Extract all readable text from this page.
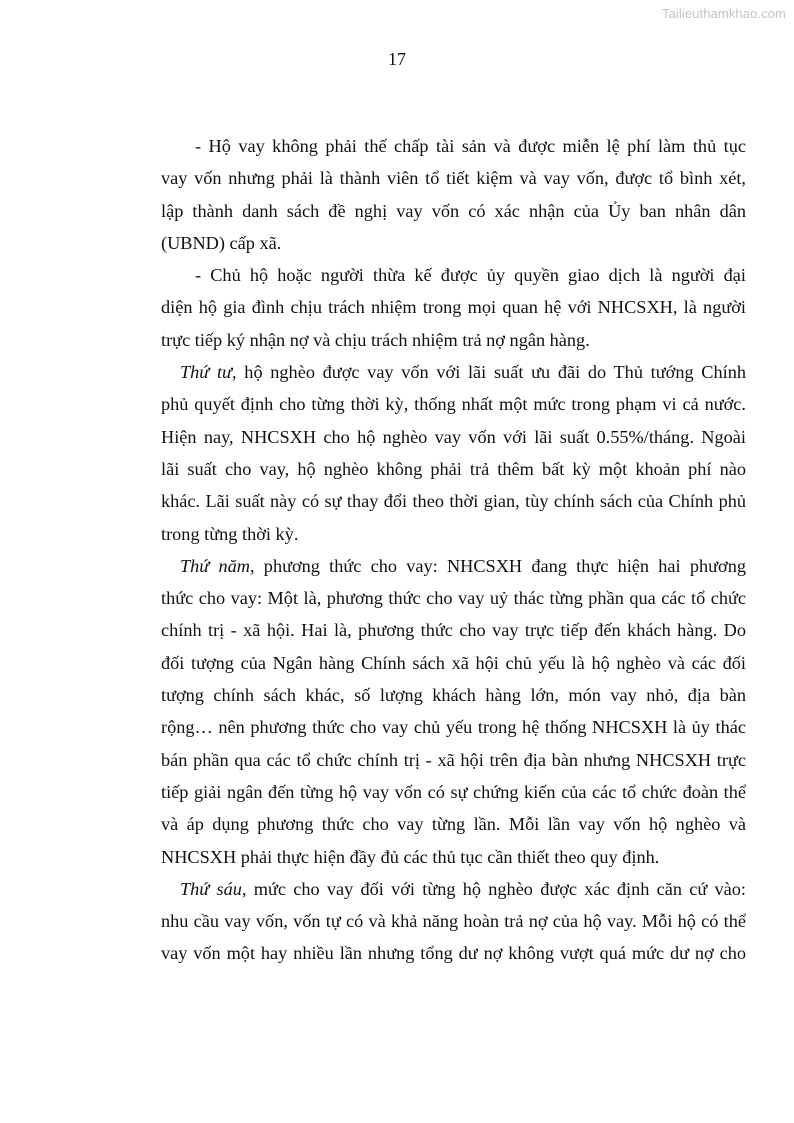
Tailieuthamkhao.com
17
- Hộ vay không phải thế chấp tài sản và được miễn lệ phí làm thủ tục
vay vốn nhưng phải là thành viên tổ tiết kiệm và vay vốn, được tổ bình xét,
lập thành danh sách đề nghị vay vốn có xác nhận của Ủy ban nhân dân
(UBND) cấp xã.
- Chủ hộ hoặc người thừa kế được ủy quyền giao dịch là người đại
diện hộ gia đình chịu trách nhiệm trong mọi quan hệ với NHCSXH, là người
trực tiếp ký nhận nợ và chịu trách nhiệm trả nợ ngân hàng.
Thứ tư, hộ nghèo được vay vốn với lãi suất ưu đãi do Thủ tướng Chính
phủ quyết định cho từng thời kỳ, thống nhất một mức trong phạm vi cả nước.
Hiện nay, NHCSXH cho hộ nghèo vay vốn với lãi suất 0.55%/tháng. Ngoài
lãi suất cho vay, hộ nghèo không phải trả thêm bất kỳ một khoản phí nào
khác. Lãi suất này có sự thay đổi theo thời gian, tùy chính sách của Chính phủ
trong từng thời kỳ.
Thứ năm, phương thức cho vay: NHCSXH đang thực hiện hai phương
thức cho vay: Một là, phương thức cho vay uỷ thác từng phần qua các tổ chức
chính trị - xã hội. Hai là, phương thức cho vay trực tiếp đến khách hàng. Do
đối tượng của Ngân hàng Chính sách xã hội chủ yếu là hộ nghèo và các đối
tượng chính sách khác, số lượng khách hàng lớn, món vay nhỏ, địa bàn
rộng… nên phương thức cho vay chủ yếu trong hệ thống NHCSXH là ủy thác
bán phần qua các tổ chức chính trị - xã hội trên địa bàn nhưng NHCSXH trực
tiếp giải ngân đến từng hộ vay vốn có sự chứng kiến của các tổ chức đoàn thể
và áp dụng phương thức cho vay từng lần. Mỗi lần vay vốn hộ nghèo và
NHCSXH phải thực hiện đầy đủ các thủ tục cần thiết theo quy định.
Thứ sáu, mức cho vay đối với từng hộ nghèo được xác định căn cứ vào:
nhu cầu vay vốn, vốn tự có và khả năng hoàn trả nợ của hộ vay. Mỗi hộ có thể
vay vốn một hay nhiều lần nhưng tổng dư nợ không vượt quá mức dư nợ cho
